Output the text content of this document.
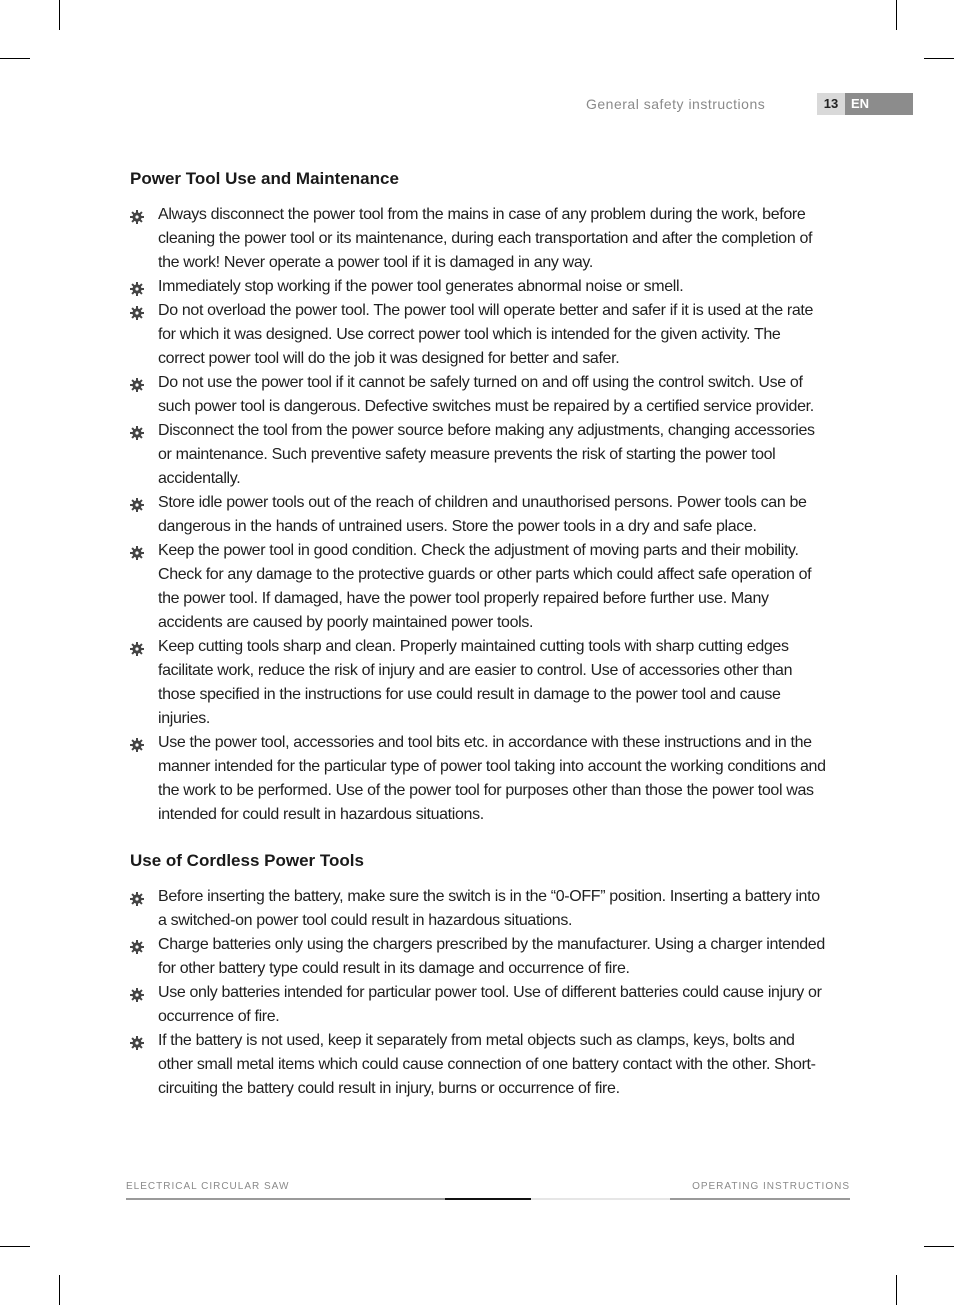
General safety instructions	13 EN
Power Tool Use and Maintenance
Always disconnect the power tool from the mains in case of any problem during the work, before cleaning the power tool or its maintenance, during each transportation and after the completion of the work! Never operate a power tool if it is damaged in any way.
Immediately stop working if the power tool generates abnormal noise or smell.
Do not overload the power tool. The power tool will operate better and safer if it is used at the rate for which it was designed. Use correct power tool which is intended for the given activity. The correct power tool will do the job it was designed for better and safer.
Do not use the power tool if it cannot be safely turned on and off using the control switch. Use of such power tool is dangerous. Defective switches must be repaired by a certified service provider.
Disconnect the tool from the power source before making any adjustments, changing accessories or maintenance. Such preventive safety measure prevents the risk of starting the power tool accidentally.
Store idle power tools out of the reach of children and unauthorised persons. Power tools can be dangerous in the hands of untrained users. Store the power tools in a dry and safe place.
Keep the power tool in good condition. Check the adjustment of moving parts and their mobility. Check for any damage to the protective guards or other parts which could affect safe operation of the power tool. If damaged, have the power tool properly repaired before further use. Many accidents are caused by poorly maintained power tools.
Keep cutting tools sharp and clean. Properly maintained cutting tools with sharp cutting edges facilitate work, reduce the risk of injury and are easier to control. Use of accessories other than those specified in the instructions for use could result in damage to the power tool and cause injuries.
Use the power tool, accessories and tool bits etc. in accordance with these instructions and in the manner intended for the particular type of power tool taking into account the working conditions and the work to be performed. Use of the power tool for purposes other than those the power tool was intended for could result in hazardous situations.
Use of Cordless Power Tools
Before inserting the battery, make sure the switch is in the “0-OFF” position. Inserting a battery into a switched-on power tool could result in hazardous situations.
Charge batteries only using the chargers prescribed by the manufacturer. Using a charger intended for other battery type could result in its damage and occurrence of fire.
Use only batteries intended for particular power tool. Use of different batteries could cause injury or occurrence of fire.
If the battery is not used, keep it separately from metal objects such as clamps, keys, bolts and other small metal items which could cause connection of one battery contact with the other. Short-circuiting the battery could result in injury, burns or occurrence of fire.
ELECTRICAL CIRCULAR SAW	OPERATING INSTRUCTIONS
